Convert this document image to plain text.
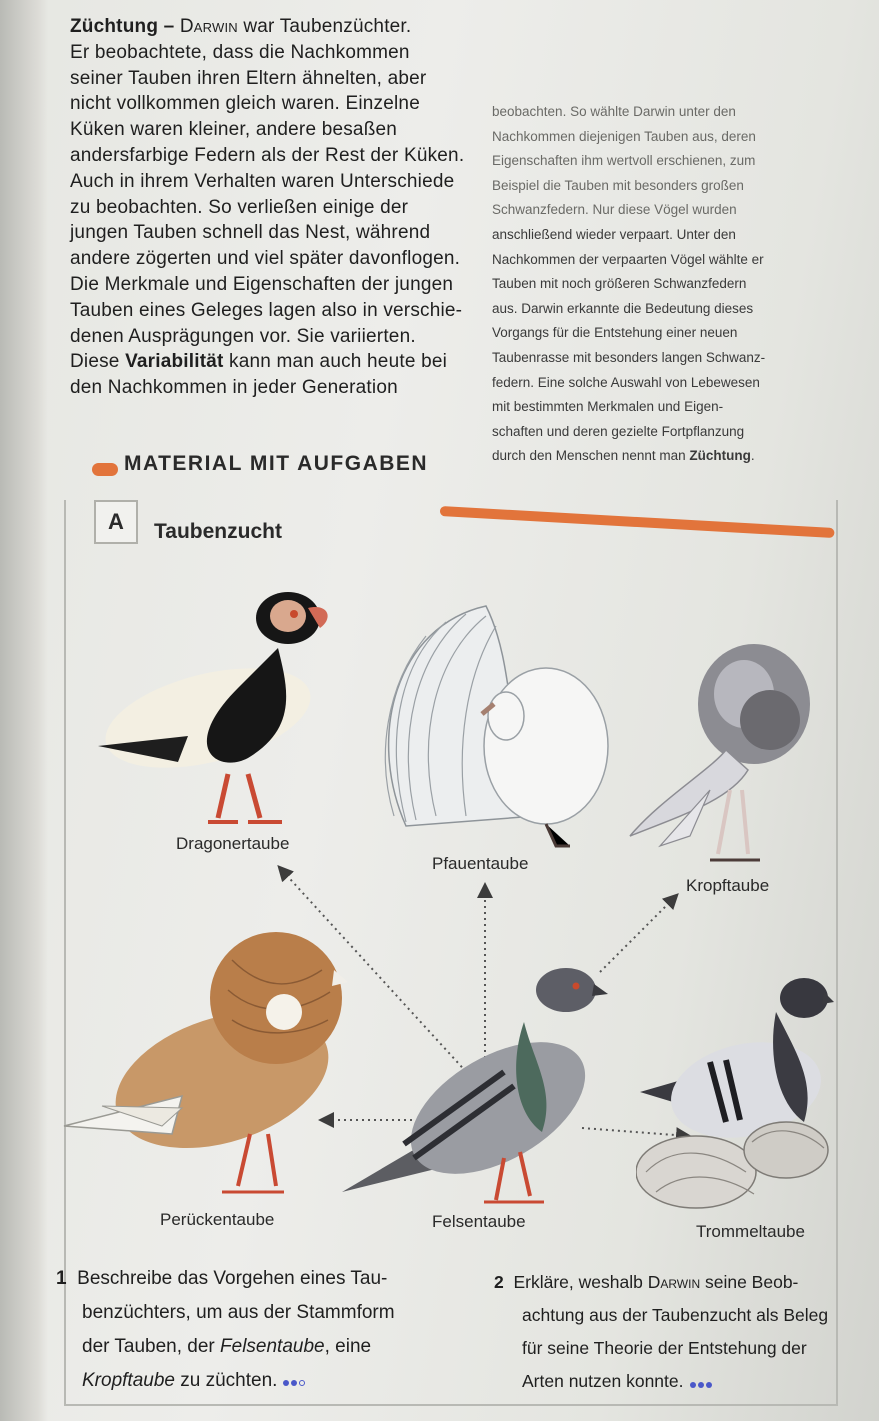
Züchtung – Darwin war Taubenzüchter.

Er beobachtete, dass die Nachkommen

seiner Tauben ihren Eltern ähnelten, aber

nicht vollkommen gleich waren. Einzelne

Küken waren kleiner, andere besaßen

andersfarbige Federn als der Rest der Küken.

Auch in ihrem Verhalten waren Unterschiede

zu beobachten. So verließen einige der

jungen Tauben schnell das Nest, während

andere zögerten und viel später davonflogen.

Die Merkmale und Eigenschaften der jungen

Tauben eines Geleges lagen also in verschie-

denen Ausprägungen vor. Sie variierten.

Diese Variabilität kann man auch heute bei

den Nachkommen in jeder Generation

beobachten. So wählte Darwin unter den

Nachkommen diejenigen Tauben aus, deren

Eigenschaften ihm wertvoll erschienen, zum

Beispiel die Tauben mit besonders großen

Schwanzfedern. Nur diese Vögel wurden

anschließend wieder verpaart. Unter den

Nachkommen der verpaarten Vögel wählte er

Tauben mit noch größeren Schwanzfedern

aus. Darwin erkannte die Bedeutung dieses

Vorgangs für die Entstehung einer neuen

Taubenrasse mit besonders langen Schwanz-

federn. Eine solche Auswahl von Lebewesen

mit bestimmten Merkmalen und Eigen-

schaften und deren gezielte Fortpflanzung

durch den Menschen nennt man Züchtung.

MATERIAL MIT AUFGABEN
A	Taubenzucht
Dragonertaube
Pfauentaube
Kropftaube
Perückentaube	Felsentaube
Trommeltaube
1 Beschreibe das Vorgehen eines Tau-
benzüchters, um aus der Stammform
der Tauben, der Felsentaube, eine
Kropftaube zu züchten.
2 Erkläre, weshalb Darwin seine Beob-
achtung aus der Taubenzucht als Beleg
für seine Theorie der Entstehung der
Arten nutzen konnte.
